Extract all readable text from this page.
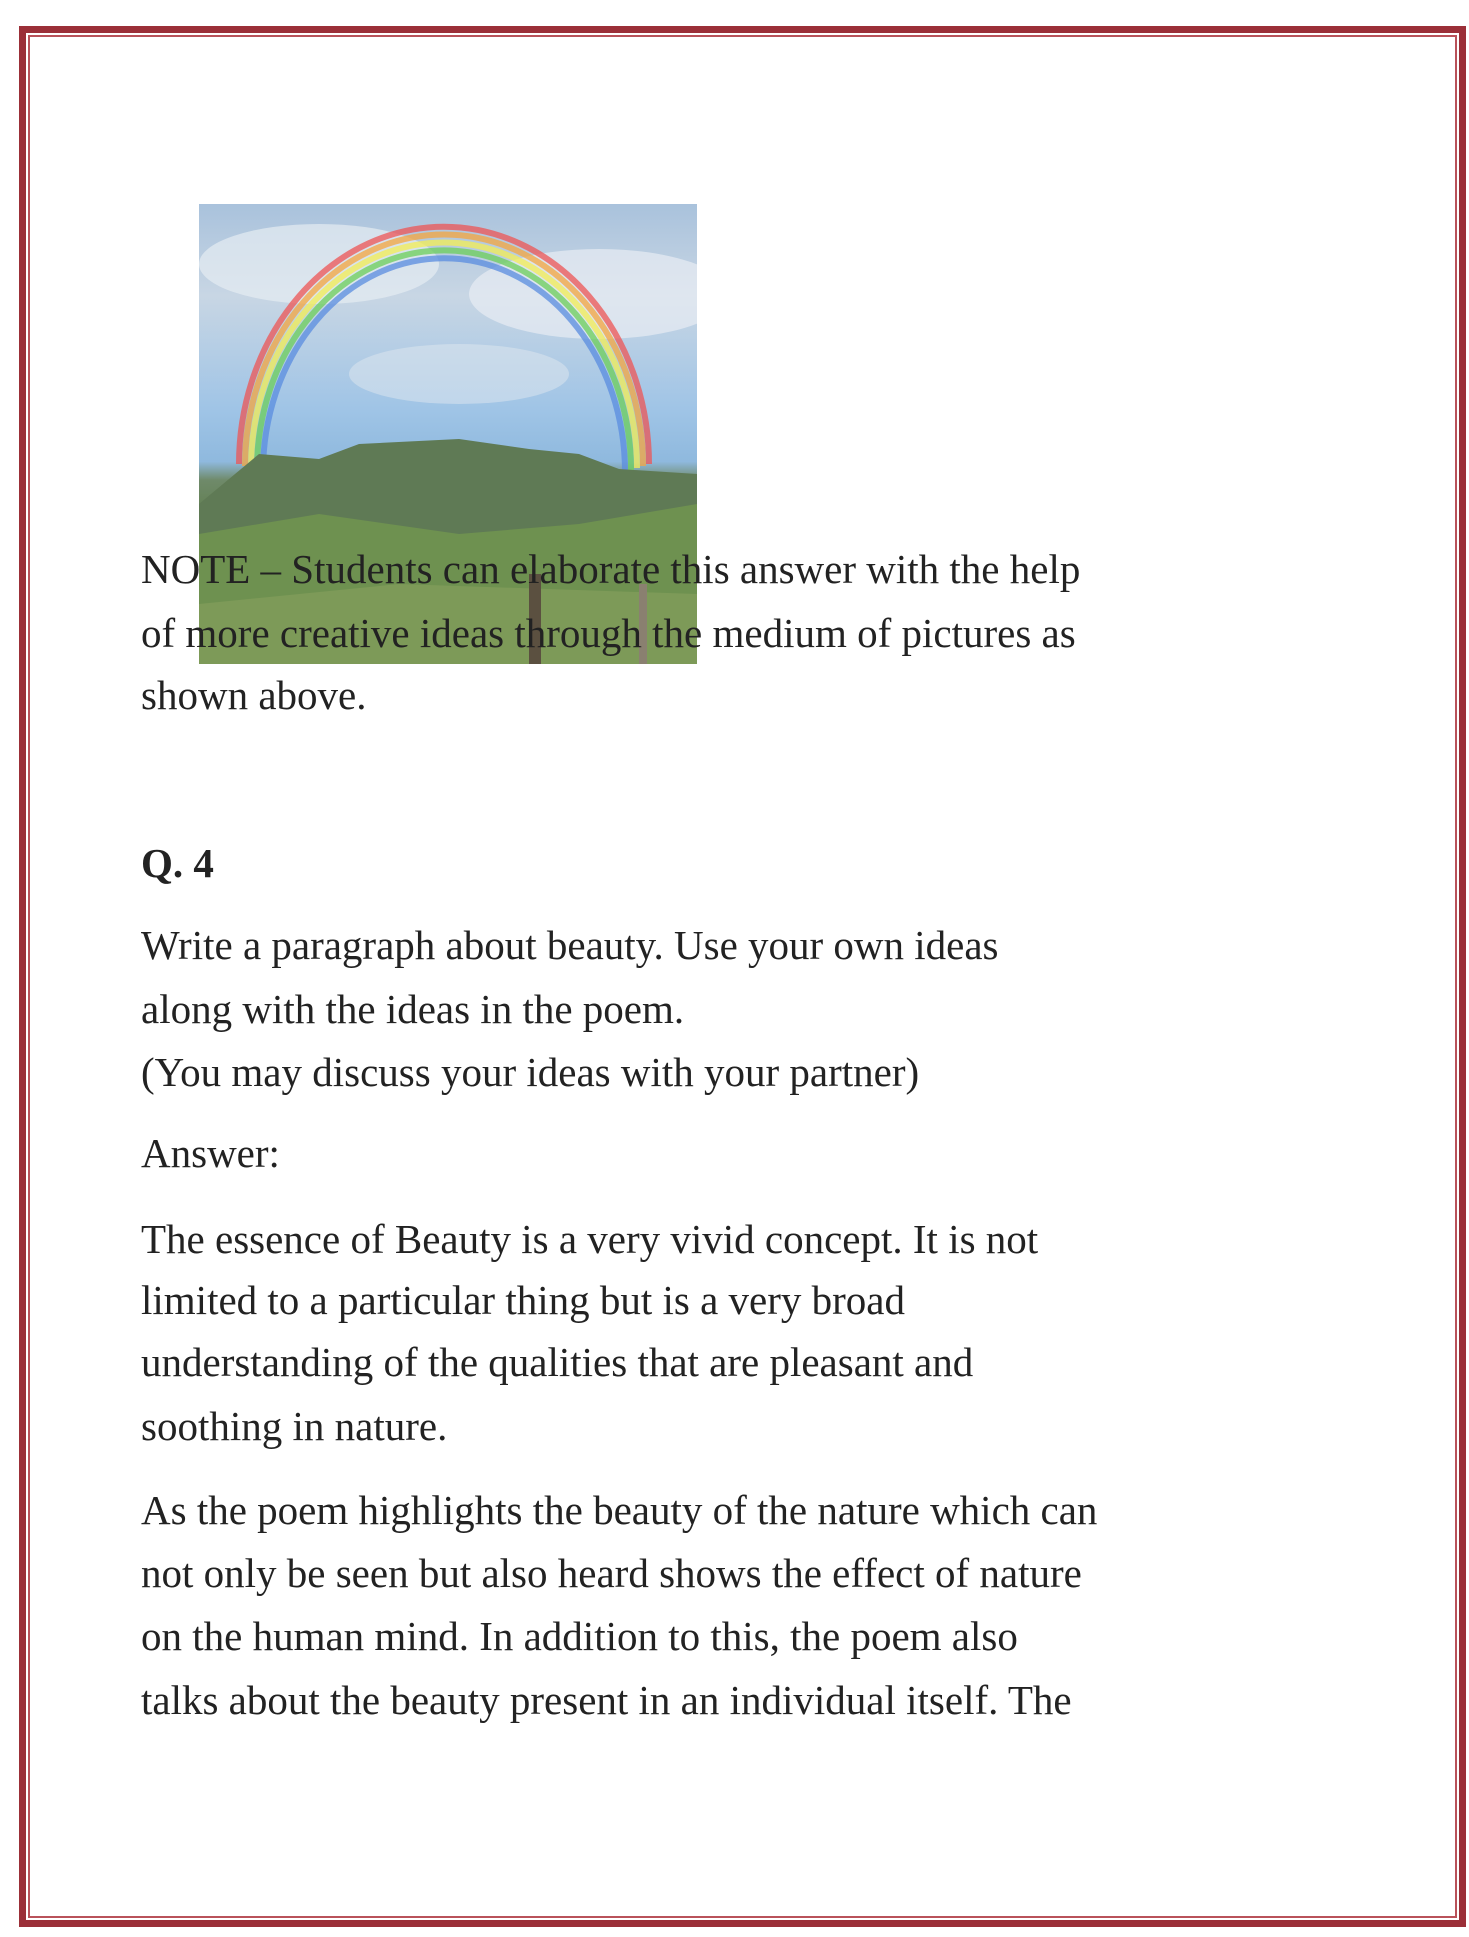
NOTE – Students can elaborate this answer with the help
of more creative ideas through the medium of pictures as
shown above.
Q. 4
Write a paragraph about beauty. Use your own ideas
along with the ideas in the poem.
(You may discuss your ideas with your partner)
Answer:
The essence of Beauty is a very vivid concept. It is not
limited to a particular thing but is a very broad
understanding of the qualities that are pleasant and
soothing in nature.
As the poem highlights the beauty of the nature which can
not only be seen but also heard shows the effect of nature
on the human mind. In addition to this, the poem also
talks about the beauty present in an individual itself. The
